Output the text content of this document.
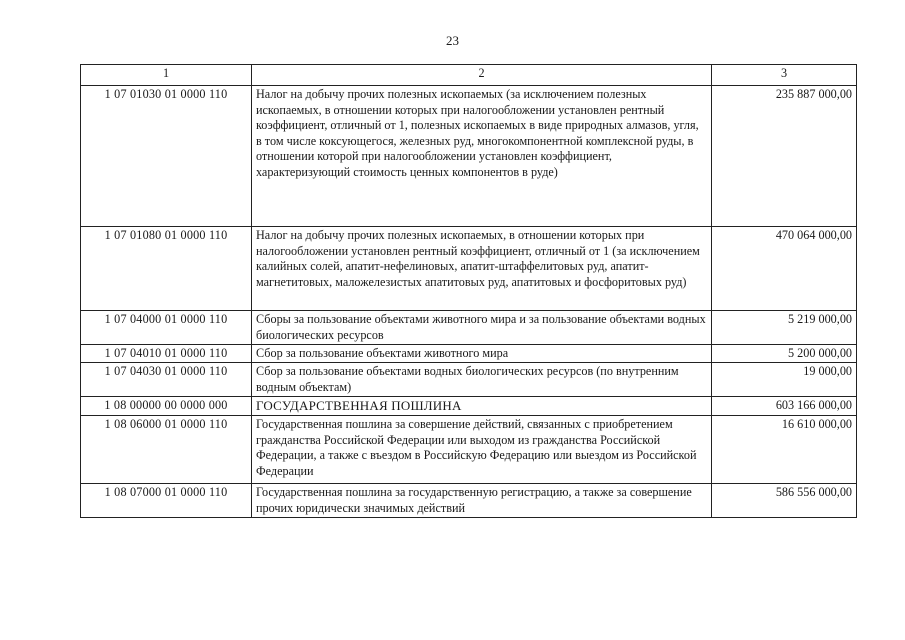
23
1	2	3
1 07 01030 01 0000 110	Налог на добычу прочих полезных ископаемых (за исключением полезных ископаемых, в отношении которых при налогообложении установлен рентный коэффициент, отличный от 1, полезных ископаемых в виде природных алмазов, угля, в том числе коксующегося, железных руд, многокомпонентной комплексной руды, в отношении которой при налогообложении установлен коэффициент, характеризующий стоимость ценных компонентов в руде)	235 887 000,00
1 07 01080 01 0000 110	Налог на добычу прочих полезных ископаемых, в отношении которых при налогообложении установлен рентный коэффициент, отличный от 1 (за исключением калийных солей, апатит-нефелиновых, апатит-штаффелитовых руд, апатит-магнетитовых, маложелезистых апатитовых руд, апатитовых и фосфоритовых руд)	470 064 000,00
1 07 04000 01 0000 110	Сборы за пользование объектами животного мира и за пользование объектами водных биологических ресурсов	5 219 000,00
1 07 04010 01 0000 110	Сбор за пользование объектами животного мира	5 200 000,00
1 07 04030 01 0000 110	Сбор за пользование объектами водных биологических ресурсов (по внутренним водным объектам)	19 000,00
1 08 00000 00 0000 000	ГОСУДАРСТВЕННАЯ ПОШЛИНА	603 166 000,00
1 08 06000 01 0000 110	Государственная пошлина за совершение действий, связанных с приобретением гражданства Российской Федерации или выходом из гражданства Российской Федерации, а также с въездом в Российскую Федерацию или выездом из Российской Федерации	16 610 000,00
1 08 07000 01 0000 110	Государственная пошлина за государственную регистрацию, а также за совершение прочих юридически значимых действий	586 556 000,00
